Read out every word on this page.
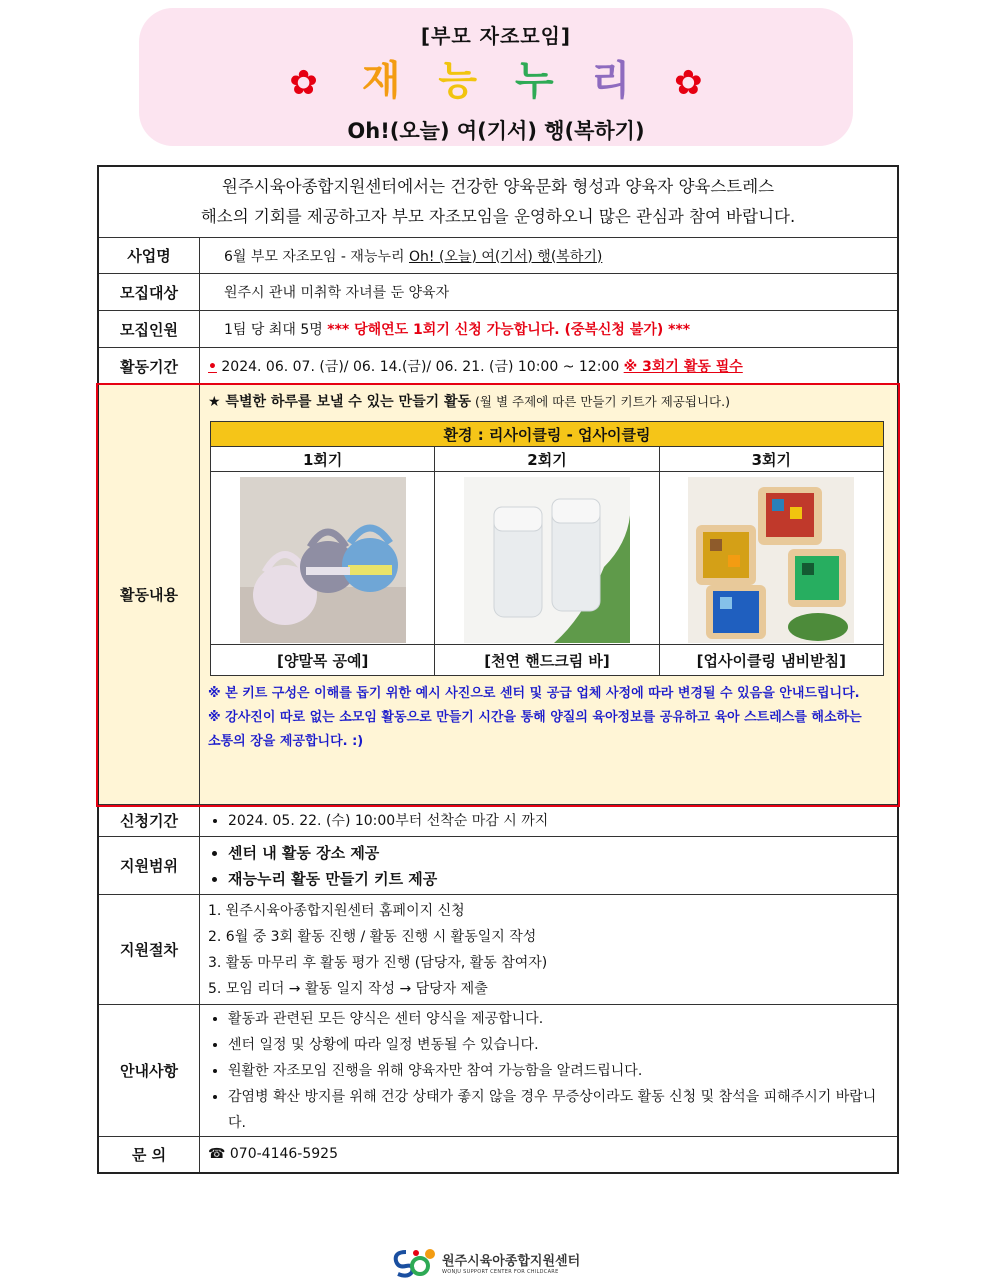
[부모 자조모임]
✿ 재 능 누 리 ✿
Oh!(오늘) 여(기서) 행(복하기)
원주시육아종합지원센터에서는 건강한 양육문화 형성과 양육자 양육스트레스
해소의 기회를 제공하고자 부모 자조모임을 운영하오니 많은 관심과 참여 바랍니다.

사업명	6월 부모 자조모임 - 재능누리 Oh! (오늘) 여(기서) 행(복하기)
모집대상	원주시 관내 미취학 자녀를 둔 양육자
모집인원	1팀 당 최대 5명 *** 당해연도 1회기 신청 가능합니다. (중복신청 불가) ***
활동기간	• 2024. 06. 07. (금)/ 06. 14.(금)/ 06. 21. (금) 10:00 ~ 12:00 ※ 3회기 활동 필수
활동내용	
★ 특별한 하루를 보낼 수 있는 만들기 활동 (월 별 주제에 따른 만들기 키트가 제공됩니다.)
환경 : 리사이클링 - 업사이클링
1회기	2회기	3회기

[양말목 공예]	[천연 핸드크림 바]	[업사이클링 냄비받침]
※ 본 키트 구성은 이해를 돕기 위한 예시 사진으로 센터 및 공급 업체 사정에 따라 변경될 수 있음을 안내드립니다.
※ 강사진이 따로 없는 소모임 활동으로 만들기 시간을 통해 양질의 육아정보를 공유하고 육아 스트레스를 해소하는 소통의 장을 제공합니다. :)

신청기간	
•2024. 05. 22. (수) 10:00부터 선착순 마감 시 까지

지원범위	
• 센터 내 활동 장소 제공
• 재능누리 활동 만들기 키트 제공

지원절차	
1. 원주시육아종합지원센터 홈페이지 신청
2. 6월 중 3회 활동 진행 / 활동 진행 시 활동일지 작성
3. 활동 마무리 후 활동 평가 진행 (담당자, 활동 참여자)
5. 모임 리더 → 활동 일지 작성 → 담당자 제출

안내사항	
• 활동과 관련된 모든 양식은 센터 양식을 제공합니다.
• 센터 일정 및 상황에 따라 일정 변동될 수 있습니다.
• 원활한 자조모임 진행을 위해 양육자만 참여 가능함을 알려드립니다.
• 감염병 확산 방지를 위해 건강 상태가 좋지 않을 경우 무증상이라도 활동 신청 및 참석을 피해주시기 바랍니다.

문 의	☎ 070-4146-5925
원주시육아종합지원센터
WONJU SUPPORT CENTER FOR CHILDCARE
